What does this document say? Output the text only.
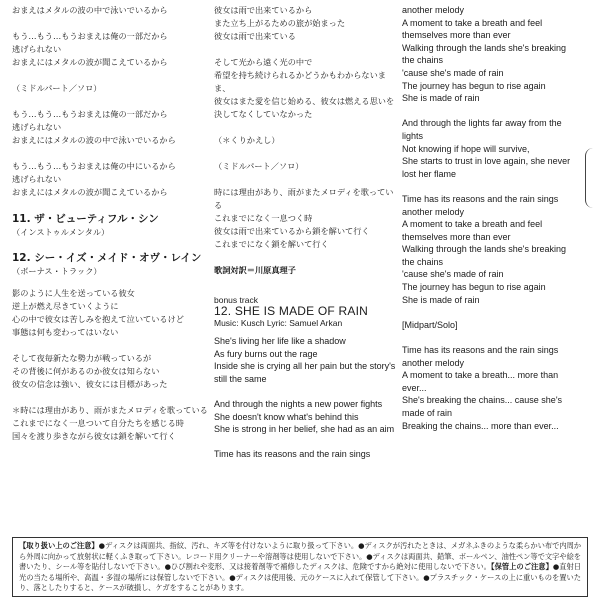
おまえはメタルの波の中で泳いでいるから

もう…もう…もうおまえは俺の一部だから
逃げられない
おまえにはメタルの波が聞こえているから

（ミドルパート／ソロ）

もう…もう…もうおまえは俺の一部だから
逃げられない
おまえにはメタルの波の中で泳いでいるから

もう…もう…もうおまえは俺の中にいるから
逃げられない
おまえにはメタルの波が聞こえているから
11. ザ・ビューティフル・シン
（インストゥルメンタル）
12. シー・イズ・メイド・オヴ・レイン
（ボーナス・トラック）
影のように人生を送っている彼女
逆上が燃え尽きていくように
心の中で彼女は苦しみを抱えて泣いているけど
事態は何も変わってはいない

そして夜毎新たな勢力が戦っているが
その背後に何があるのか彼女は知らない
彼女の信念は強い、彼女には目標があった

＊時には理由があり、雨がまたメロディを歌っている
これまでになく一息ついて自分たちを感じる時
国々を渡り歩きながら彼女は鎖を解いて行く
彼女は雨で出来ているから
また立ち上がるための旅が始まった
彼女は雨で出来ている

そして光から遠く光の中で
希望を持ち続けられるかどうかもわからないまま、
彼女はまた愛を信じ始める、彼女は燃える思いを決してなくしていなかった

（＊くりかえし）

（ミドルパート／ソロ）

時には理由があり、雨がまたメロディを歌っている
これまでになく一息つく時
彼女は雨で出来ているから鎖を解いて行く
これまでになく鎖を解いて行く
歌詞対訳＝川原真理子
bonus track
12. SHE IS MADE OF RAIN
Music: Kusch Lyric: Samuel Arkan
She's living her life like a shadow
As fury burns out the rage
Inside she is crying all her pain but the story's still the same

And through the nights a new power fights
She doesn't know what's behind this
She is strong in her belief, she had as an aim

Time has its reasons and the rain sings
another melody
A moment to take a breath and feel themselves more than ever
Walking through the lands she's breaking the chains
'cause she's made of rain
The journey has begun to rise again
She is made of rain

And through the lights far away from the lights
Not knowing if hope will survive,
She starts to trust in love again, she never lost her flame

Time has its reasons and the rain sings another melody
A moment to take a breath and feel themselves more than ever
Walking through the lands she's breaking the chains
'cause she's made of rain
The journey has begun to rise again
She is made of rain

[Midpart/Solo]

Time has its reasons and the rain sings another melody
A moment to take a breath... more than ever...
She's breaking the chains... cause she's made of rain
Breaking the chains... more than ever...
【取り扱い上のご注意】●ディスクは両面共、指紋、汚れ、キズ等を付けないように取り扱って下さい。●ディスクが汚れたときは、メガネふきのような柔らかい布で内周から外周に向かって放射状に軽くふき取って下さい。レコード用クリーナーや溶剤等は使用しないで下さい。●ディスクは両面共、鉛筆、ボールペン、油性ペン等で文字や絵を書いたり、シール等を貼付しないで下さい。●ひび割れや変形、又は接着剤等で補修したディスクは、危険ですから絶対に使用しないで下さい。【保管上のご注意】●直射日光の当たる場所や、高温・多湿の場所には保管しないで下さい。●ディスクは使用後、元のケースに入れて保管して下さい。●プラスチック・ケースの上に重いものを置いたり、落としたりすると、ケースが破損し、ケガをすることがあります。
